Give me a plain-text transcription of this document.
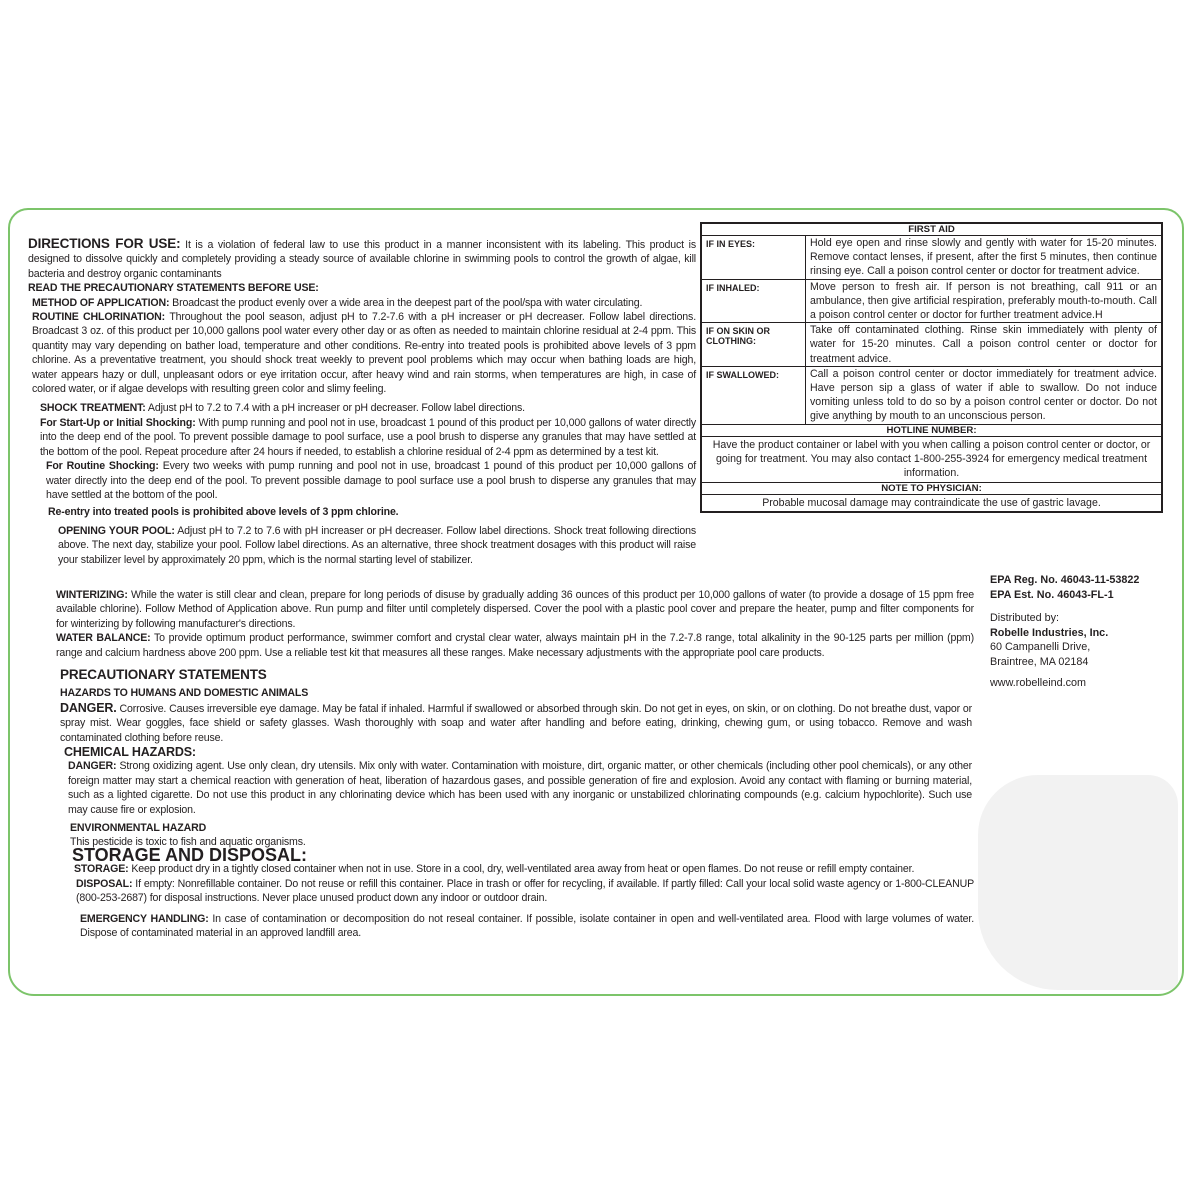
DIRECTIONS FOR USE: It is a violation of federal law to use this product in a manner inconsistent with its labeling. This product is designed to dissolve quickly and completely providing a steady source of available chlorine in swimming pools to control the growth of algae, kill bacteria and destroy organic contaminants

READ THE PRECAUTIONARY STATEMENTS BEFORE USE:

METHOD OF APPLICATION: Broadcast the product evenly over a wide area in the deepest part of the pool/spa with water circulating.

ROUTINE CHLORINATION: Throughout the pool season, adjust pH to 7.2-7.6 with a pH increaser or pH decreaser. Follow label directions. Broadcast 3 oz. of this product per 10,000 gallons pool water every other day or as often as needed to maintain chlorine residual at 2-4 ppm. This quantity may vary depending on bather load, temperature and other conditions. Re-entry into treated pools is prohibited above levels of 3 ppm chlorine. As a preventative treatment, you should shock treat weekly to prevent pool problems which may occur when bathing loads are high, water appears hazy or dull, unpleasant odors or eye irritation occur, after heavy wind and rain storms, when temperatures are high, in case of colored water, or if algae develops with resulting green color and slimy feeling.

SHOCK TREATMENT: Adjust pH to 7.2 to 7.4 with a pH increaser or pH decreaser. Follow label directions.

For Start-Up or Initial Shocking: With pump running and pool not in use, broadcast 1 pound of this product per 10,000 gallons of water directly into the deep end of the pool. To prevent possible damage to pool surface, use a pool brush to disperse any granules that may have settled at the bottom of the pool. Repeat procedure after 24 hours if needed, to establish a chlorine residual of 2-4 ppm as determined by a test kit.

For Routine Shocking: Every two weeks with pump running and pool not in use, broadcast 1 pound of this product per 10,000 gallons of water directly into the deep end of the pool. To prevent possible damage to pool surface use a pool brush to disperse any granules that may have settled at the bottom of the pool.

Re-entry into treated pools is prohibited above levels of 3 ppm chlorine.

OPENING YOUR POOL: Adjust pH to 7.2 to 7.6 with pH increaser or pH decreaser. Follow label directions. Shock treat following directions above. The next day, stabilize your pool. Follow label directions. As an alternative, three shock treatment dosages with this product will raise your stabilizer level by approximately 20 ppm, which is the normal starting level of stabilizer.

WINTERIZING: While the water is still clear and clean, prepare for long periods of disuse by gradually adding 36 ounces of this product per 10,000 gallons of water (to provide a dosage of 15 ppm free available chlorine). Follow Method of Application above. Run pump and filter until completely dispersed. Cover the pool with a plastic pool cover and prepare the heater, pump and filter components for for winterizing by following manufacturer's directions.

WATER BALANCE: To provide optimum product performance, swimmer comfort and crystal clear water, always maintain pH in the 7.2-7.8 range, total alkalinity in the 90-125 parts per million (ppm) range and calcium hardness above 200 ppm. Use a reliable test kit that measures all these ranges. Make necessary adjustments with the appropriate pool care products.

PRECAUTIONARY STATEMENTS

HAZARDS TO HUMANS AND DOMESTIC ANIMALS

DANGER. Corrosive. Causes irreversible eye damage. May be fatal if inhaled. Harmful if swallowed or absorbed through skin. Do not get in eyes, on skin, or on clothing. Do not breathe dust, vapor or spray mist. Wear goggles, face shield or safety glasses. Wash thoroughly with soap and water after handling and before eating, drinking, chewing gum, or using tobacco. Remove and wash contaminated clothing before reuse.

CHEMICAL HAZARDS:

DANGER: Strong oxidizing agent. Use only clean, dry utensils. Mix only with water. Contamination with moisture, dirt, organic matter, or other chemicals (including other pool chemicals), or any other foreign matter may start a chemical reaction with generation of heat, liberation of hazardous gases, and possible generation of fire and explosion. Avoid any contact with flaming or burning material, such as a lighted cigarette. Do not use this product in any chlorinating device which has been used with any inorganic or unstabilized chlorinating compounds (e.g. calcium hypochlorite). Such use may cause fire or explosion.

ENVIRONMENTAL HAZARD

This pesticide is toxic to fish and aquatic organisms.

STORAGE AND DISPOSAL:

STORAGE: Keep product dry in a tightly closed container when not in use. Store in a cool, dry, well-ventilated area away from heat or open flames. Do not reuse or refill empty container.

DISPOSAL: If empty: Nonrefillable container. Do not reuse or refill this container. Place in trash or offer for recycling, if available. If partly filled: Call your local solid waste agency or 1-800-CLEANUP (800-253-2687) for disposal instructions. Never place unused product down any indoor or outdoor drain.

EMERGENCY HANDLING: In case of contamination or decomposition do not reseal container. If possible, isolate container in open and well-ventilated area. Flood with large volumes of water. Dispose of contaminated material in an approved landfill area.

FIRST AID
IF IN EYES:	Hold eye open and rinse slowly and gently with water for 15-20 minutes. Remove contact lenses, if present, after the first 5 minutes, then continue rinsing eye. Call a poison control center or doctor for treatment advice.
IF INHALED:	Move person to fresh air. If person is not breathing, call 911 or an ambulance, then give artificial respiration, preferably mouth-to-mouth. Call a poison control center or doctor for further treatment advice.H
IF ON SKIN OR CLOTHING:
Take off contaminated clothing. Rinse skin immediately with plenty of water for 15-20 minutes. Call a poison control center or doctor for treatment advice.
IF SWALLOWED:	Call a poison control center or doctor immediately for treatment advice. Have person sip a glass of water if able to swallow. Do not induce vomiting unless told to do so by a poison control center or doctor. Do not give anything by mouth to an unconscious person.
HOTLINE NUMBER:
Have the product container or label with you when calling a poison control center or doctor, or going for treatment. You may also contact 1-800-255-3924 for emergency medical treatment information.
NOTE TO PHYSICIAN:
Probable mucosal damage may contraindicate the use of gastric lavage.
EPA Reg. No. 46043-11-53822
EPA Est. No. 46043-FL-1
Distributed by:
Robelle Industries, Inc.
60 Campanelli Drive,
Braintree, MA 02184
www.robelleind.com
